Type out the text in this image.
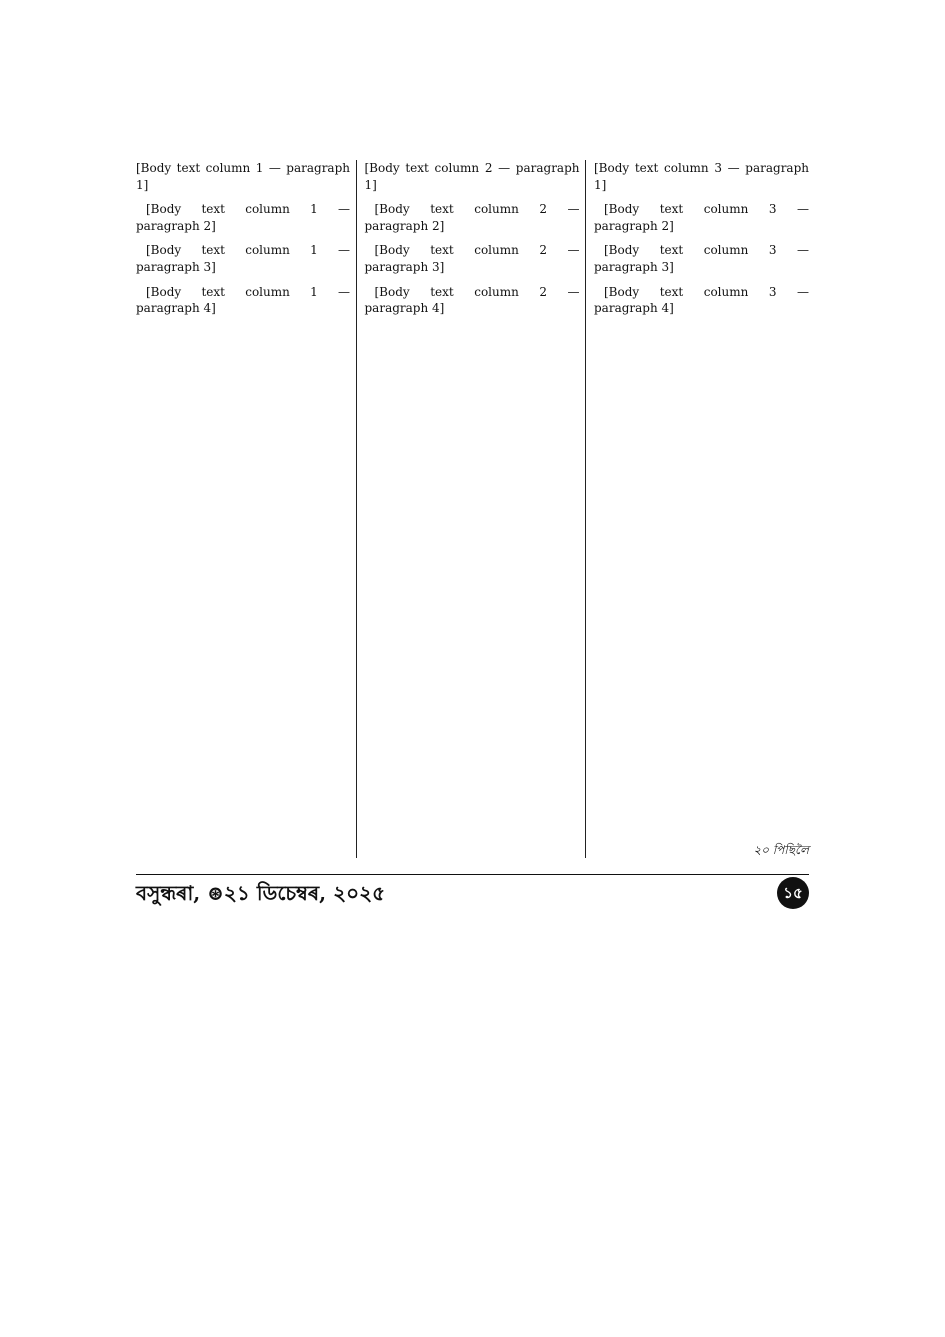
[Body text column 1 — paragraph 1]

[Body text column 1 — paragraph 2]

[Body text column 1 — paragraph 3]

[Body text column 1 — paragraph 4]

[Body text column 2 — paragraph 1]

[Body text column 2 — paragraph 2]

[Body text column 2 — paragraph 3]

[Body text column 2 — paragraph 4]

[Body text column 3 — paragraph 1]

[Body text column 3 — paragraph 2]

[Body text column 3 — paragraph 3]

[Body text column 3 — paragraph 4]

২০ পিছিলৈ
বসুন্ধৰা, ⊛২১ ডিচেম্বৰ, ২০২৫	১৫
